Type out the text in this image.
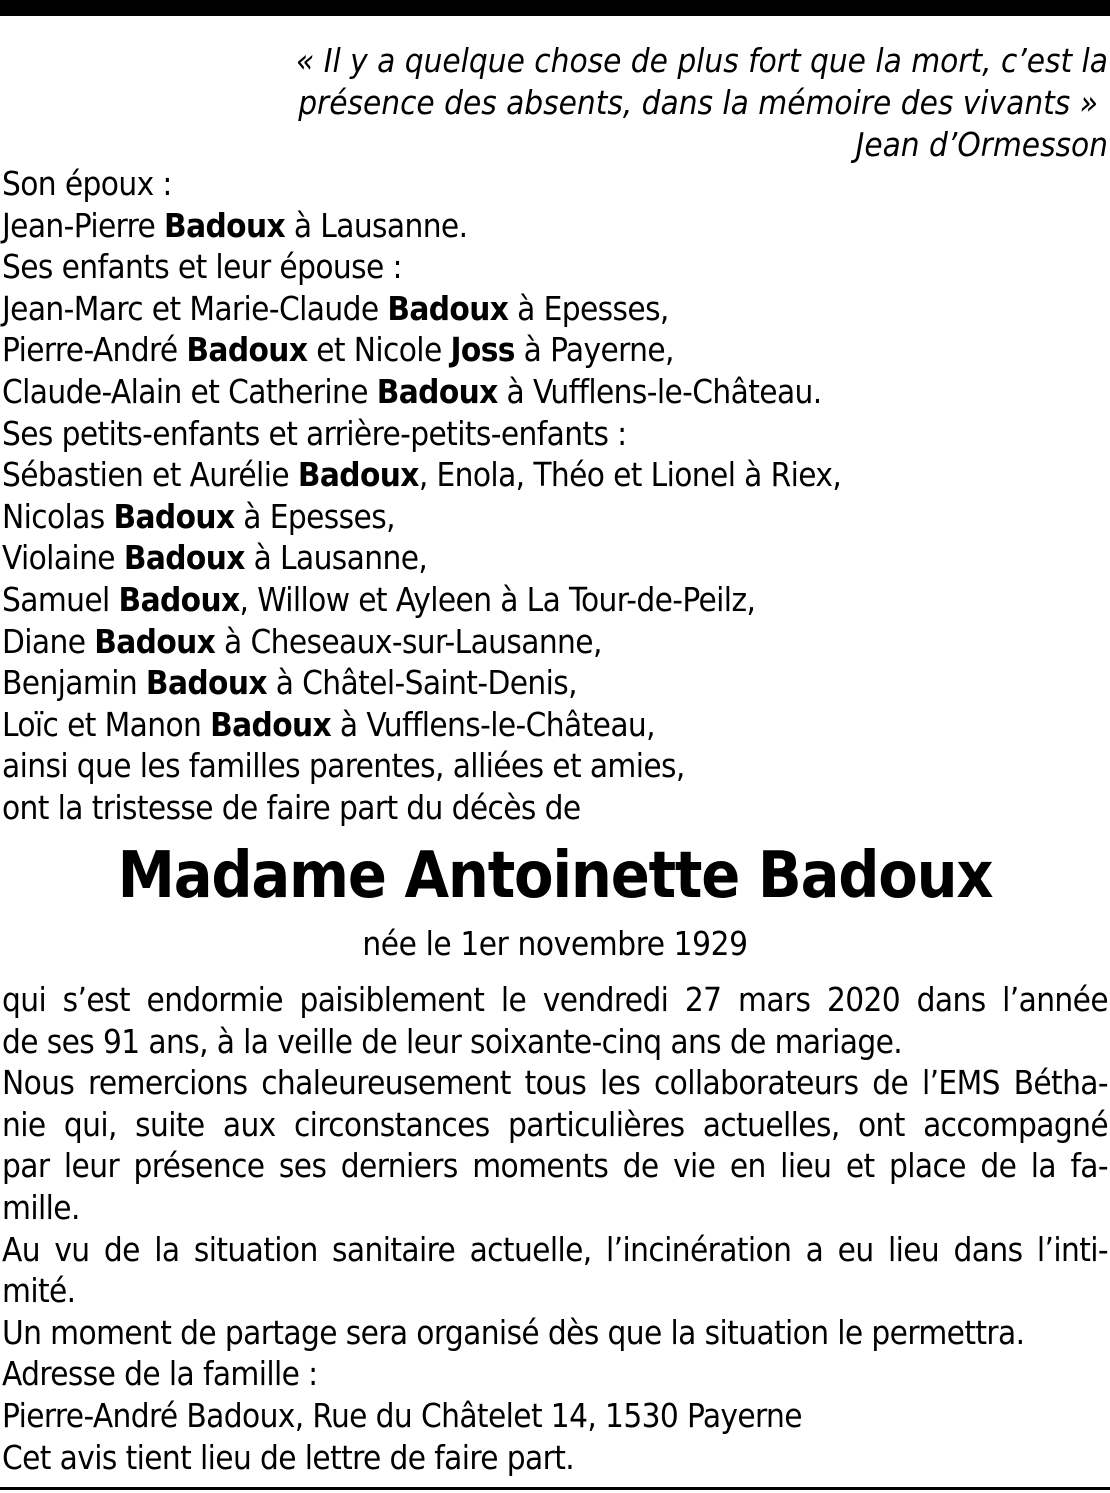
« Il y a quelque chose de plus fort que la mort, c’est la
présence des absents, dans la mémoire des vivants »
Jean d’Ormesson
Son époux :
Jean-Pierre Badoux à Lausanne.
Ses enfants et leur épouse :
Jean-Marc et Marie-Claude Badoux à Epesses,
Pierre-André Badoux et Nicole Joss à Payerne,
Claude-Alain et Catherine Badoux à Vufflens-le-Château.
Ses petits-enfants et arrière-petits-enfants :
Sébastien et Aurélie Badoux, Enola, Théo et Lionel à Riex,
Nicolas Badoux à Epesses,
Violaine Badoux à Lausanne,
Samuel Badoux, Willow et Ayleen à La Tour-de-Peilz,
Diane Badoux à Cheseaux-sur-Lausanne,
Benjamin Badoux à Châtel-Saint-Denis,
Loïc et Manon Badoux à Vufflens-le-Château,
ainsi que les familles parentes, alliées et amies,
ont la tristesse de faire part du décès de
Madame Antoinette Badoux
née le 1er novembre 1929
qui s’est endormie paisiblement le vendredi 27 mars 2020 dans l’année
de ses 91 ans, à la veille de leur soixante-cinq ans de mariage.
Nous remercions chaleureusement tous les collaborateurs de l’EMS Bétha-
nie qui, suite aux circonstances particulières actuelles, ont accompagné
par leur présence ses derniers moments de vie en lieu et place de la fa-
mille.
Au vu de la situation sanitaire actuelle, l’incinération a eu lieu dans l’inti-
mité.
Un moment de partage sera organisé dès que la situation le permettra.
Adresse de la famille :
Pierre-André Badoux, Rue du Châtelet 14, 1530 Payerne
Cet avis tient lieu de lettre de faire part.
